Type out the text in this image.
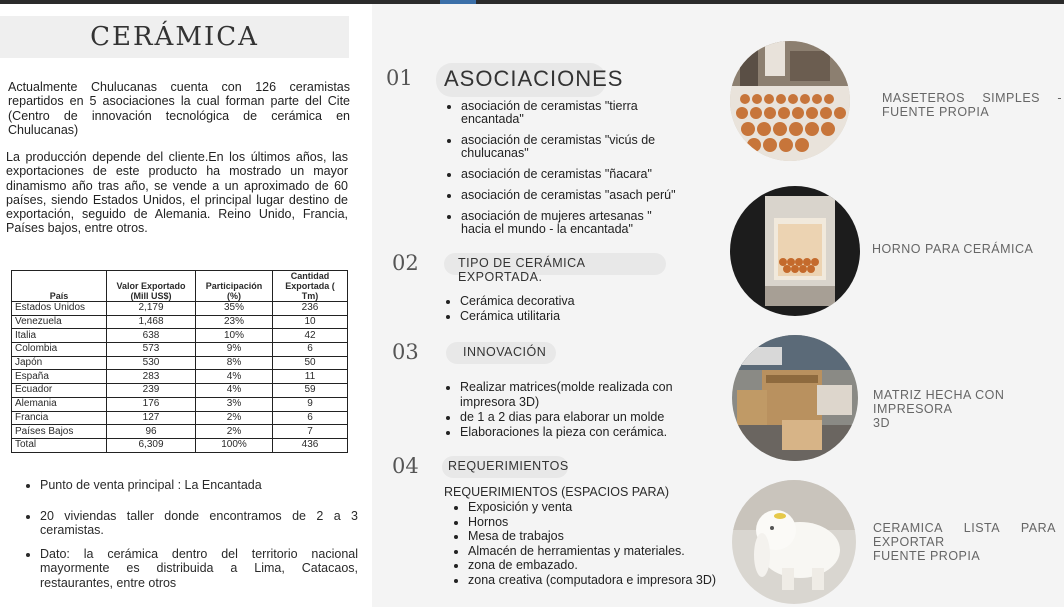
CERÁMICA

Actualmente Chulucanas cuenta con 126 ceramistas repartidos en 5 asociaciones la cual forman parte del Cite (Centro de innovación tecnológica de cerámica en Chulucanas)

La producción depende del cliente.En los últimos años, las exportaciones de este producto ha mostrado un mayor dinamismo año tras año, se vende a un aproximado de 60 países, siendo Estados Unidos, el principal lugar destino de exportación, seguido de Alemania. Reino Unido, Francia, Países bajos, entre otros.

País	Valor Exportado (Mill US$)	Participación (%)	Cantidad Exportada ( Tm)
Estados Unidos	2,179	35%	236
Venezuela	1,468	23%	10
Italia	638	10%	42
Colombia	573	9%	6
Japón	530	8%	50
España	283	4%	11
Ecuador	239	4%	59
Alemania	176	3%	9
Francia	127	2%	6
Países Bajos	96	2%	7
Total	6,309	100%	436
• Punto de venta principal : La Encantada
• 20 viviendas taller donde encontramos de 2 a 3 ceramistas.
• Dato: la cerámica dentro del territorio nacional mayormente es distribuida a Lima, Catacaos, restaurantes, entre otros
01	ASOCIACIONES
• asociación de ceramistas "tierra encantada"
• asociación de ceramistas "vicús de chulucanas"
• asociación de ceramistas "ñacara"
• asociación de ceramistas "asach perú"
• asociación de mujeres artesanas " hacia el mundo - la encantada"
02	TIPO DE CERÁMICA EXPORTADA.
• Cerámica decorativa
• Cerámica utilitaria
03	INNOVACIÓN
• Realizar matrices(molde realizada con impresora 3D)
• de 1 a 2 dias para elaborar un molde
• Elaboraciones la pieza con cerámica.
04	REQUERIMIENTOS
REQUERIMIENTOS (ESPACIOS PARA)
• Exposición y venta
• Hornos
• Mesa de trabajos
• Almacén de herramientas y materiales.
• zona de embazado.
• zona creativa (computadora e impresora 3D)
MASETEROS SIMPLES -
FUENTE PROPIA
HORNO PARA CERÁMICA
MATRIZ HECHA CON IMPRESORA
3D
CERAMICA LISTA PARA
EXPORTAR
FUENTE PROPIA
